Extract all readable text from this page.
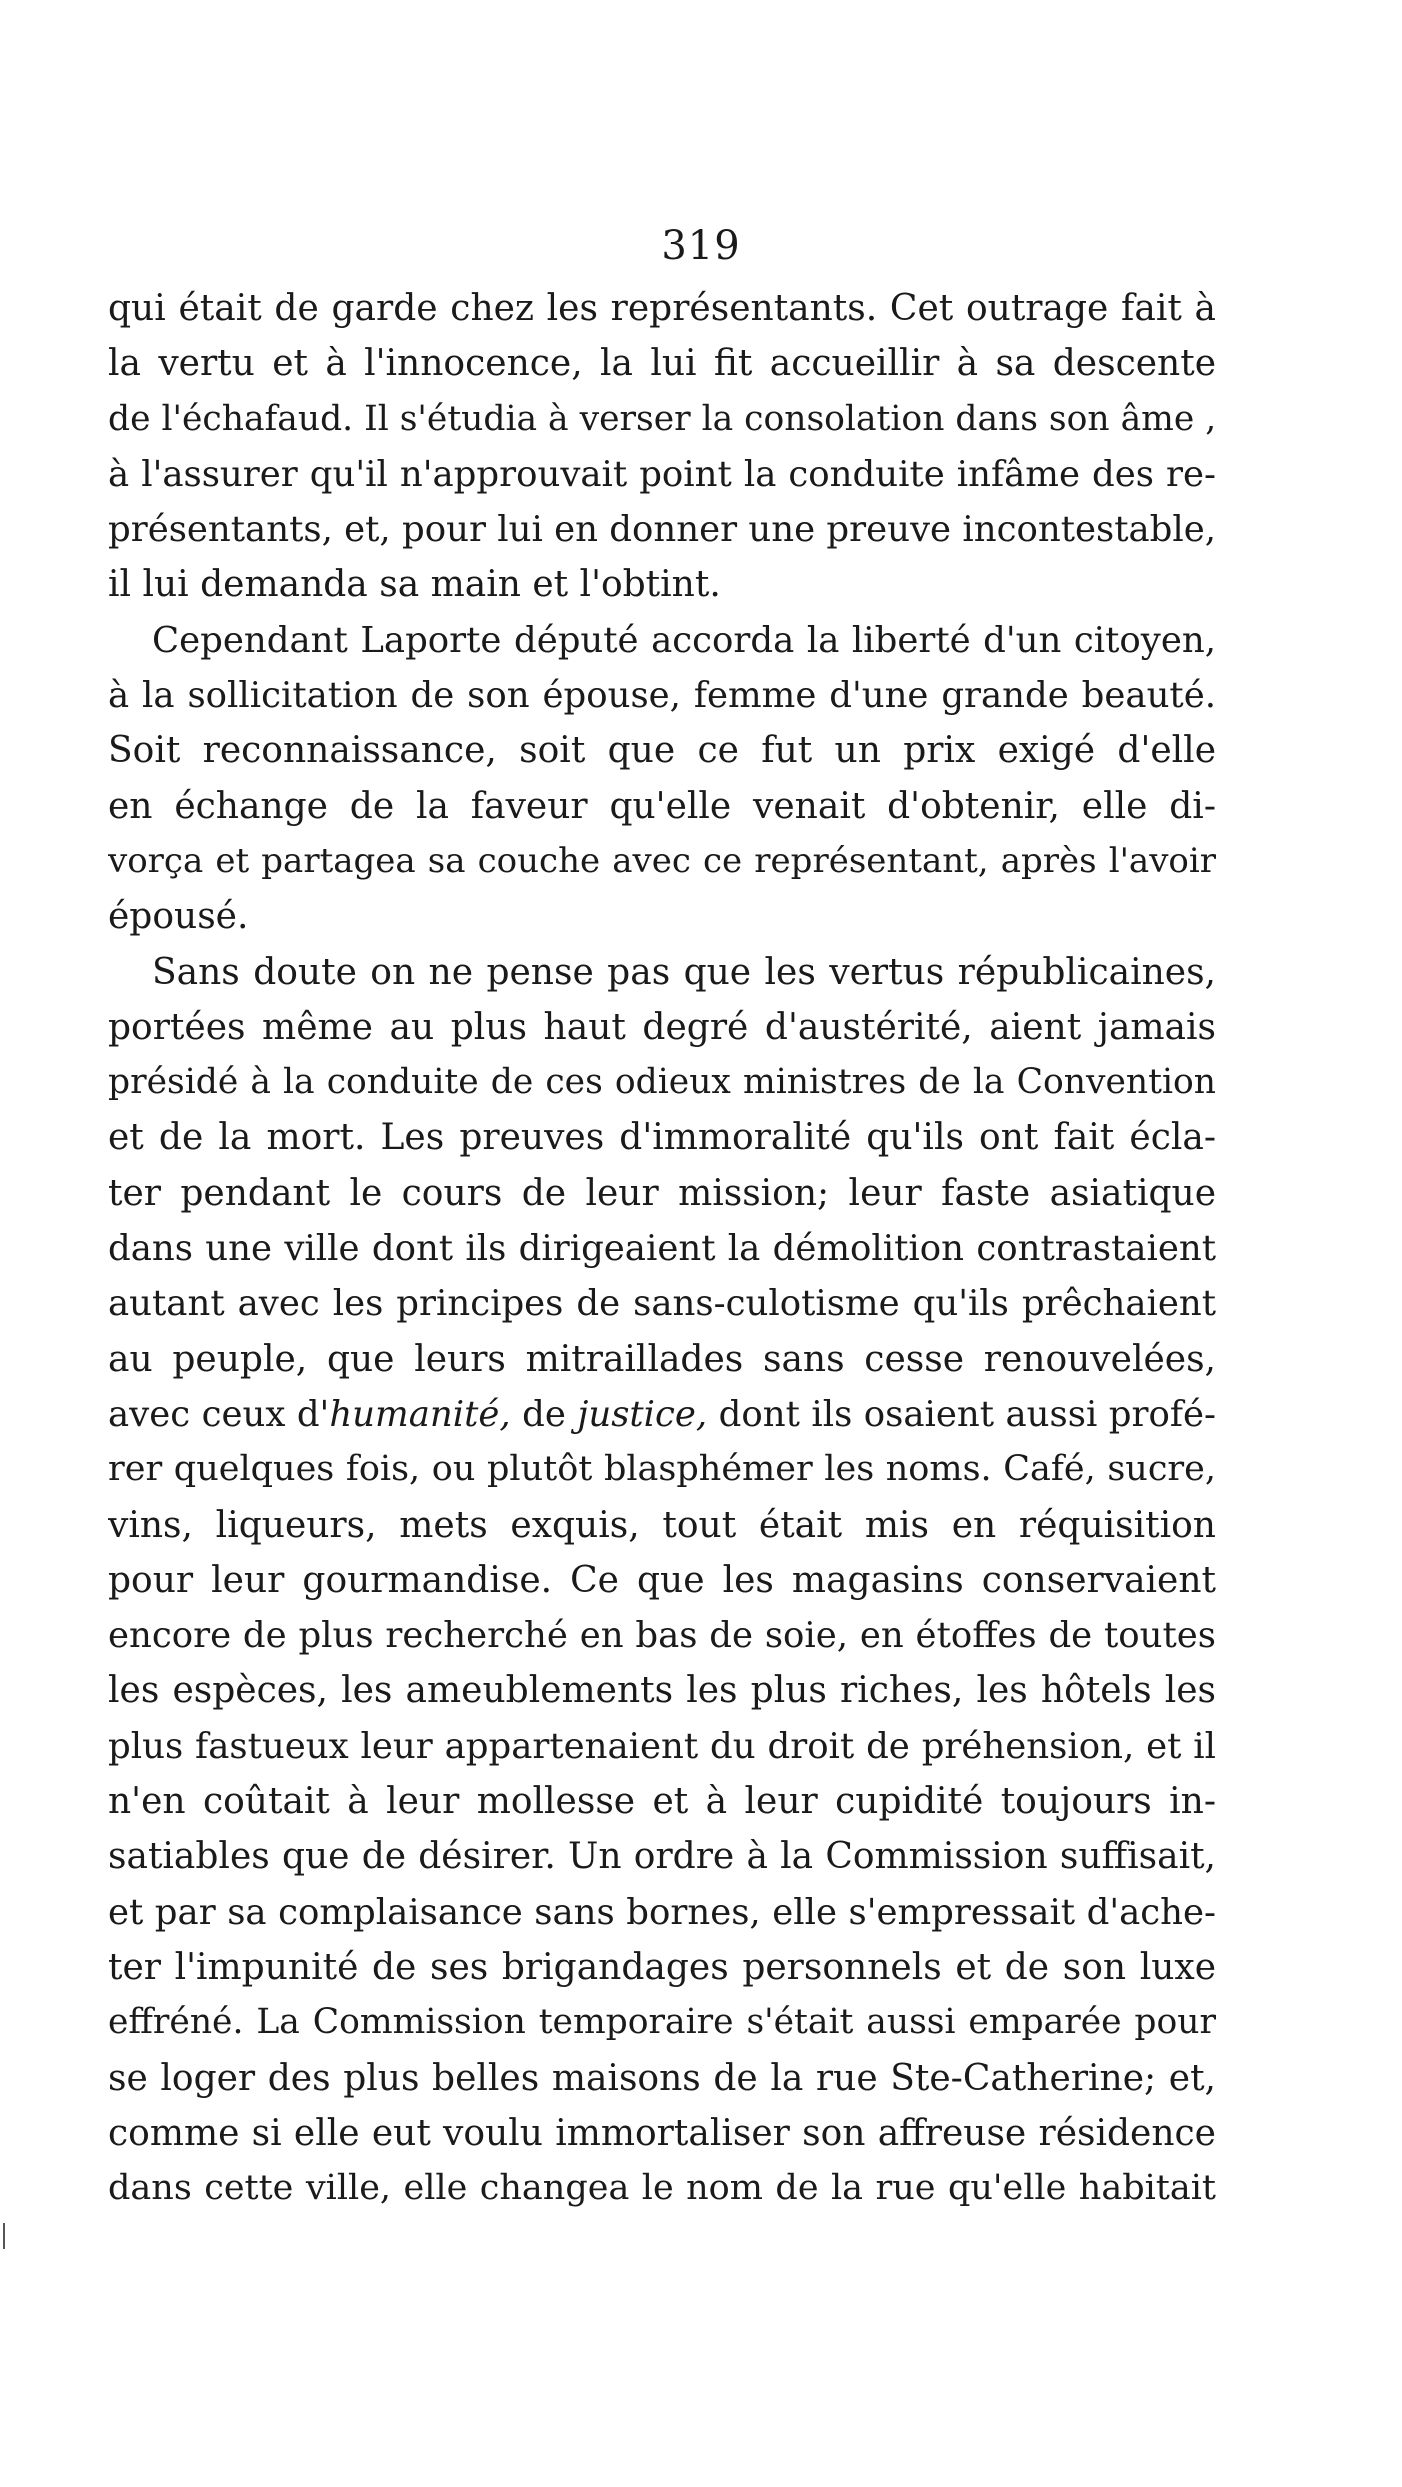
319
qui était de garde chez les représentants. Cet outrage fait à
la vertu et à l'innocence, la lui fit accueillir à sa descente
de l'échafaud. Il s'étudia à verser la consolation dans son âme ,
à l'assurer qu'il n'approuvait point la conduite infâme des re-
présentants, et, pour lui en donner une preuve incontestable,
il lui demanda sa main et l'obtint.
Cependant Laporte député accorda la liberté d'un citoyen,
à la sollicitation de son épouse, femme d'une grande beauté.
Soit reconnaissance, soit que ce fut un prix exigé d'elle
en échange de la faveur qu'elle venait d'obtenir, elle di-
vorça et partagea sa couche avec ce représentant, après l'avoir
épousé.
Sans doute on ne pense pas que les vertus républicaines,
portées même au plus haut degré d'austérité, aient jamais
présidé à la conduite de ces odieux ministres de la Convention
et de la mort. Les preuves d'immoralité qu'ils ont fait écla-
ter pendant le cours de leur mission; leur faste asiatique
dans une ville dont ils dirigeaient la démolition contrastaient
autant avec les principes de sans-culotisme qu'ils prêchaient
au peuple, que leurs mitraillades sans cesse renouvelées,
avec ceux d'humanité, de justice, dont ils osaient aussi profé-
rer quelques fois, ou plutôt blasphémer les noms. Café, sucre,
vins, liqueurs, mets exquis, tout était mis en réquisition
pour leur gourmandise. Ce que les magasins conservaient
encore de plus recherché en bas de soie, en étoffes de toutes
les espèces, les ameublements les plus riches, les hôtels les
plus fastueux leur appartenaient du droit de préhension, et il
n'en coûtait à leur mollesse et à leur cupidité toujours in-
satiables que de désirer. Un ordre à la Commission suffisait,
et par sa complaisance sans bornes, elle s'empressait d'ache-
ter l'impunité de ses brigandages personnels et de son luxe
effréné. La Commission temporaire s'était aussi emparée pour
se loger des plus belles maisons de la rue Ste-Catherine; et,
comme si elle eut voulu immortaliser son affreuse résidence
dans cette ville, elle changea le nom de la rue qu'elle habitait
